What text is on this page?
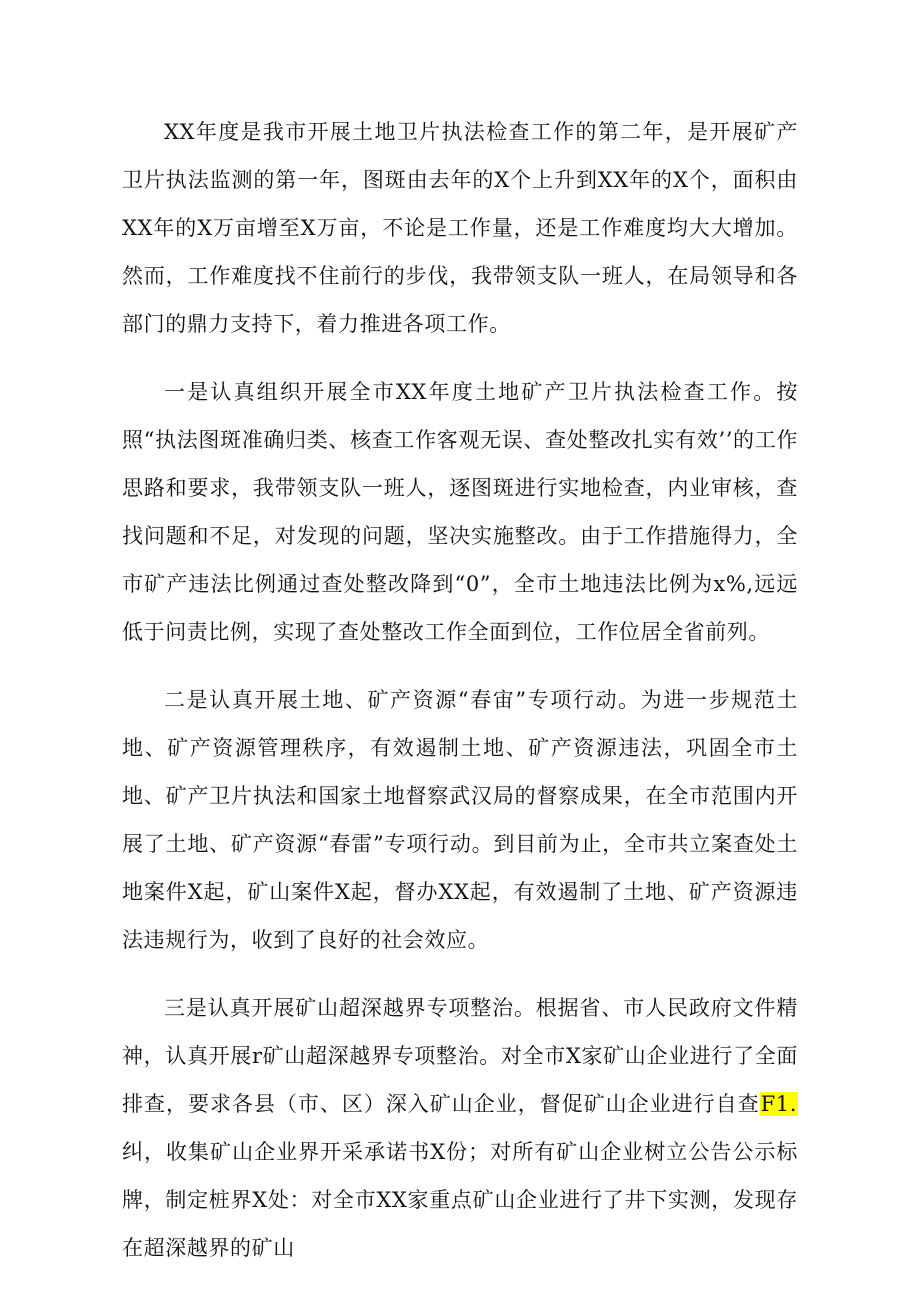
XX年度是我市开展土地卫片执法检查工作的第二年，是开展矿产卫片执法监测的第一年，图斑由去年的X个上升到XX年的X个，面积由XX年的X万亩增至X万亩，不论是工作量，还是工作难度均大大增加。然而，工作难度找不住前行的步伐，我带领支队一班人，在局领导和各部门的鼎力支持下，着力推进各项工作。

一是认真组织开展全市XX年度土地矿产卫片执法检查工作。按照“执法图斑准确归类、核查工作客观无误、查处整改扎实有效’’的工作思路和要求，我带领支队一班人，逐图斑进行实地检查，内业审核，查找问题和不足，对发现的问题，坚决实施整改。由于工作措施得力，全市矿产违法比例通过查处整改降到“0”，全市土地违法比例为x%,远远低于问责比例，实现了查处整改工作全面到位，工作位居全省前列。

二是认真开展土地、矿产资源“春宙”专项行动。为进一步规范土地、矿产资源管理秩序，有效遏制土地、矿产资源违法，巩固全市土地、矿产卫片执法和国家土地督察武汉局的督察成果，在全市范围内开展了土地、矿产资源“春雷”专项行动。到目前为止，全市共立案查处土地案件X起，矿山案件X起，督办XX起，有效遏制了土地、矿产资源违法违规行为，收到了良好的社会效应。

三是认真开展矿山超深越界专项整治。根据省、市人民政府文件精神，认真开展r矿山超深越界专项整治。对全市X家矿山企业进行了全面排查，要求各县（市、区）深入矿山企业，督促矿山企业进行自查F1.纠，收集矿山企业界开采承诺书X份；对所有矿山企业树立公告公示标牌，制定桩界X处：对全市XX家重点矿山企业进行了井下实测，发现存在超深越界的矿山
